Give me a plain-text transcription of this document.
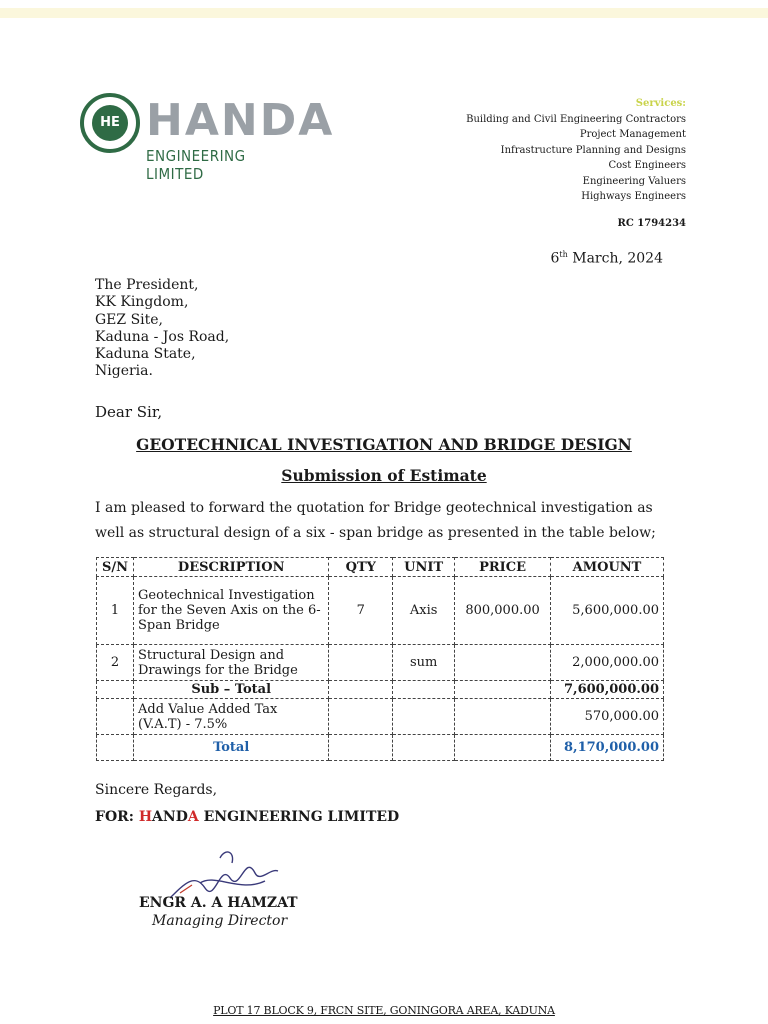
HE HANDA
ENGINEERING LIMITED
Services:
Building and Civil Engineering Contractors
Project Management
Infrastructure Planning and Designs
Cost Engineers
Engineering Valuers
Highways Engineers
RC 1794234
6th March, 2024
The President,
KK Kingdom,
GEZ Site,
Kaduna - Jos Road,
Kaduna State,
Nigeria.
Dear Sir,
GEOTECHNICAL INVESTIGATION AND BRIDGE DESIGN
Submission of Estimate
I am pleased to forward the quotation for Bridge geotechnical investigation as well as structural design of a six - span bridge as presented in the table below;
S/N	DESCRIPTION	QTY	UNIT	PRICE	AMOUNT
1	Geotechnical Investigation for the Seven Axis on the 6-Span Bridge	7	Axis	800,000.00	5,600,000.00
2	Structural Design and Drawings for the Bridge		sum		2,000,000.00
	Sub – Total				7,600,000.00
	Add Value Added Tax (V.A.T) - 7.5%				570,000.00
	Total				8,170,000.00
Sincere Regards,
FOR: HANDA ENGINEERING LIMITED
ENGR A. A HAMZAT
Managing Director
PLOT 17 BLOCK 9, FRCN SITE, GONINGORA AREA, KADUNA
